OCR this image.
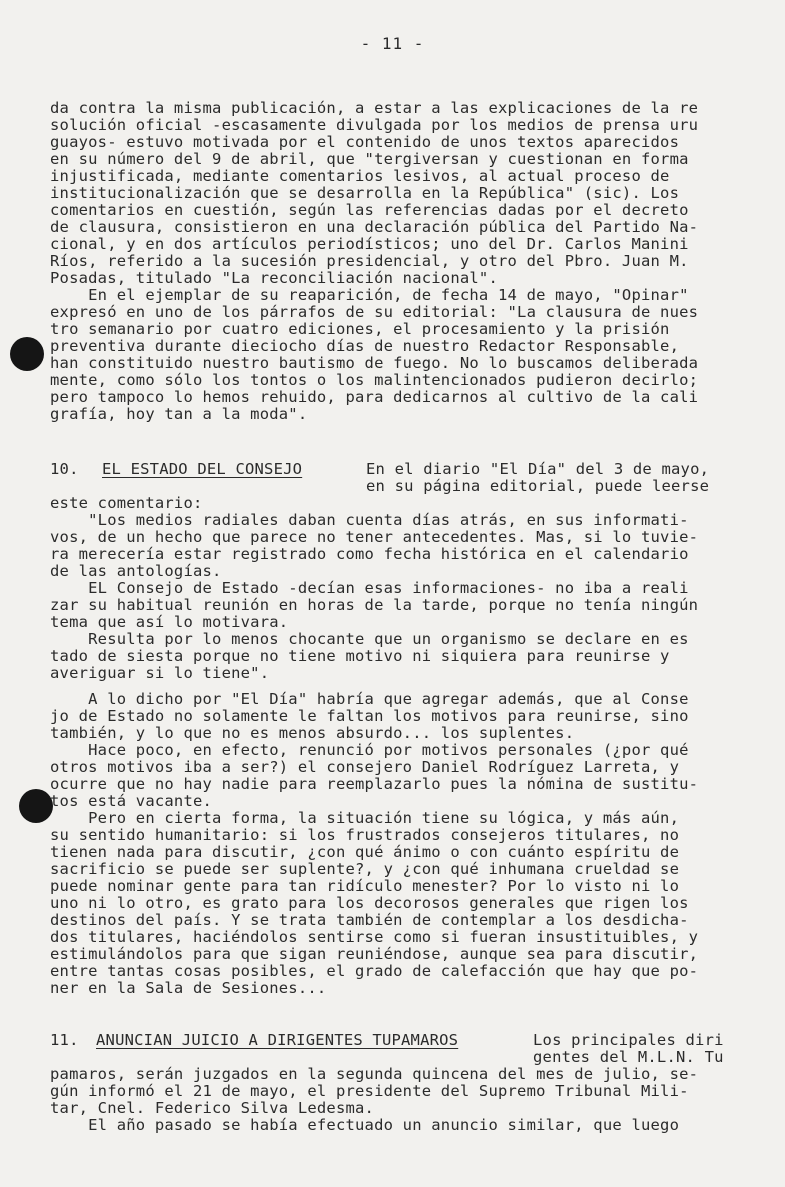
- 11 -
da contra la misma publicación, a estar a las explicaciones de la re
solución oficial -escasamente divulgada por los medios de prensa uru
guayos- estuvo motivada por el contenido de unos textos aparecidos
en su número del 9 de abril, que "tergiversan y cuestionan en forma
injustificada, mediante comentarios lesivos, al actual proceso de
institucionalización que se desarrolla en la República" (sic). Los
comentarios en cuestión, según las referencias dadas por el decreto
de clausura, consistieron en una declaración pública del Partido Na-
cional, y en dos artículos periodísticos; uno del Dr. Carlos Manini
Ríos, referido a la sucesión presidencial, y otro del Pbro. Juan M.
Posadas, titulado "La reconciliación nacional".
En el ejemplar de su reaparición, de fecha 14 de mayo, "Opinar"
expresó en uno de los párrafos de su editorial: "La clausura de nues
tro semanario por cuatro ediciones, el procesamiento y la prisión
preventiva durante dieciocho días de nuestro Redactor Responsable,
han constituido nuestro bautismo de fuego. No lo buscamos deliberada
mente, como sólo los tontos o los malintencionados pudieron decirlo;
pero tampoco lo hemos rehuido, para dedicarnos al cultivo de la cali
grafía, hoy tan a la moda".
10. EL ESTADO DEL CONSEJO	En el diario "El Día" del 3 de mayo,
en su página editorial, puede leerse
este comentario:
"Los medios radiales daban cuenta días atrás, en sus informati-
vos, de un hecho que parece no tener antecedentes. Mas, si lo tuvie-
ra merecería estar registrado como fecha histórica en el calendario
de las antologías.
EL Consejo de Estado -decían esas informaciones- no iba a reali
zar su habitual reunión en horas de la tarde, porque no tenía ningún
tema que así lo motivara.
Resulta por lo menos chocante que un organismo se declare en es
tado de siesta porque no tiene motivo ni siquiera para reunirse y
averiguar si lo tiene".
A lo dicho por "El Día" habría que agregar además, que al Conse
jo de Estado no solamente le faltan los motivos para reunirse, sino
también, y lo que no es menos absurdo... los suplentes.
Hace poco, en efecto, renunció por motivos personales (¿por qué
otros motivos iba a ser?) el consejero Daniel Rodríguez Larreta, y
ocurre que no hay nadie para reemplazarlo pues la nómina de sustitu-
tos está vacante.
Pero en cierta forma, la situación tiene su lógica, y más aún,
su sentido humanitario: si los frustrados consejeros titulares, no
tienen nada para discutir, ¿con qué ánimo o con cuánto espíritu de
sacrificio se puede ser suplente?, y ¿con qué inhumana crueldad se
puede nominar gente para tan ridículo menester? Por lo visto ni lo
uno ni lo otro, es grato para los decorosos generales que rigen los
destinos del país. Y se trata también de contemplar a los desdicha-
dos titulares, haciéndolos sentirse como si fueran insustituibles, y
estimulándolos para que sigan reuniéndose, aunque sea para discutir,
entre tantas cosas posibles, el grado de calefacción que hay que po-
ner en la Sala de Sesiones...
11. ANUNCIAN JUICIO A DIRIGENTES TUPAMAROS	Los principales diri
gentes del M.L.N. Tu
pamaros, serán juzgados en la segunda quincena del mes de julio, se-
gún informó el 21 de mayo, el presidente del Supremo Tribunal Mili-
tar, Cnel. Federico Silva Ledesma.
El año pasado se había efectuado un anuncio similar, que luego
